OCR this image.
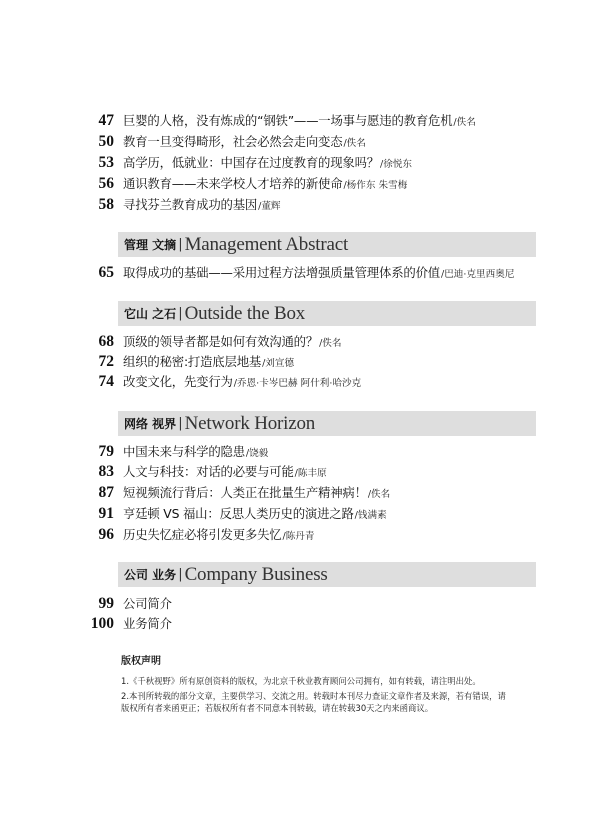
47 巨婴的人格，没有炼成的“钢铁”——一场事与愿违的教育危机 /佚名
50 教育一旦变得畸形，社会必然会走向变态 /佚名
53 高学历，低就业：中国存在过度教育的现象吗？ /徐悦东
56 通识教育——未来学校人才培养的新使命 /杨作东 朱雪梅
58 寻找芬兰教育成功的基因 /董辉
管理 文摘 | Management Abstract
65 取得成功的基础——采用过程方法增强质量管理体系的价值 /巴迪·克里西奥尼
它山 之石 | Outside the Box
68 顶级的领导者都是如何有效沟通的？ /佚名
72 组织的秘密:打造底层地基 /刘宣德
74 改变文化，先变行为 /乔恩·卡岑巴赫 阿什利·哈沙克
网络 视界 | Network Horizon
79 中国未来与科学的隐患 /饶毅
83 人文与科技：对话的必要与可能 /陈丰原
87 短视频流行背后：人类正在批量生产精神病！ /佚名
91 亨廷顿 VS 福山：反思人类历史的演进之路 /钱满素
96 历史失忆症必将引发更多失忆 /陈丹青
公司 业务 | Company Business
99 公司简介
100 业务简介
版权声明

1.《千秋视野》所有原创资料的版权，为北京千秋业教育顾问公司拥有，如有转载，请注明出处。

2.本刊所转载的部分文章，主要供学习、交流之用。转载时本刊尽力查证文章作者及来源，若有错误，请版权所有者来函更正；若版权所有者不同意本刊转载，请在转载30天之内来函商议。
